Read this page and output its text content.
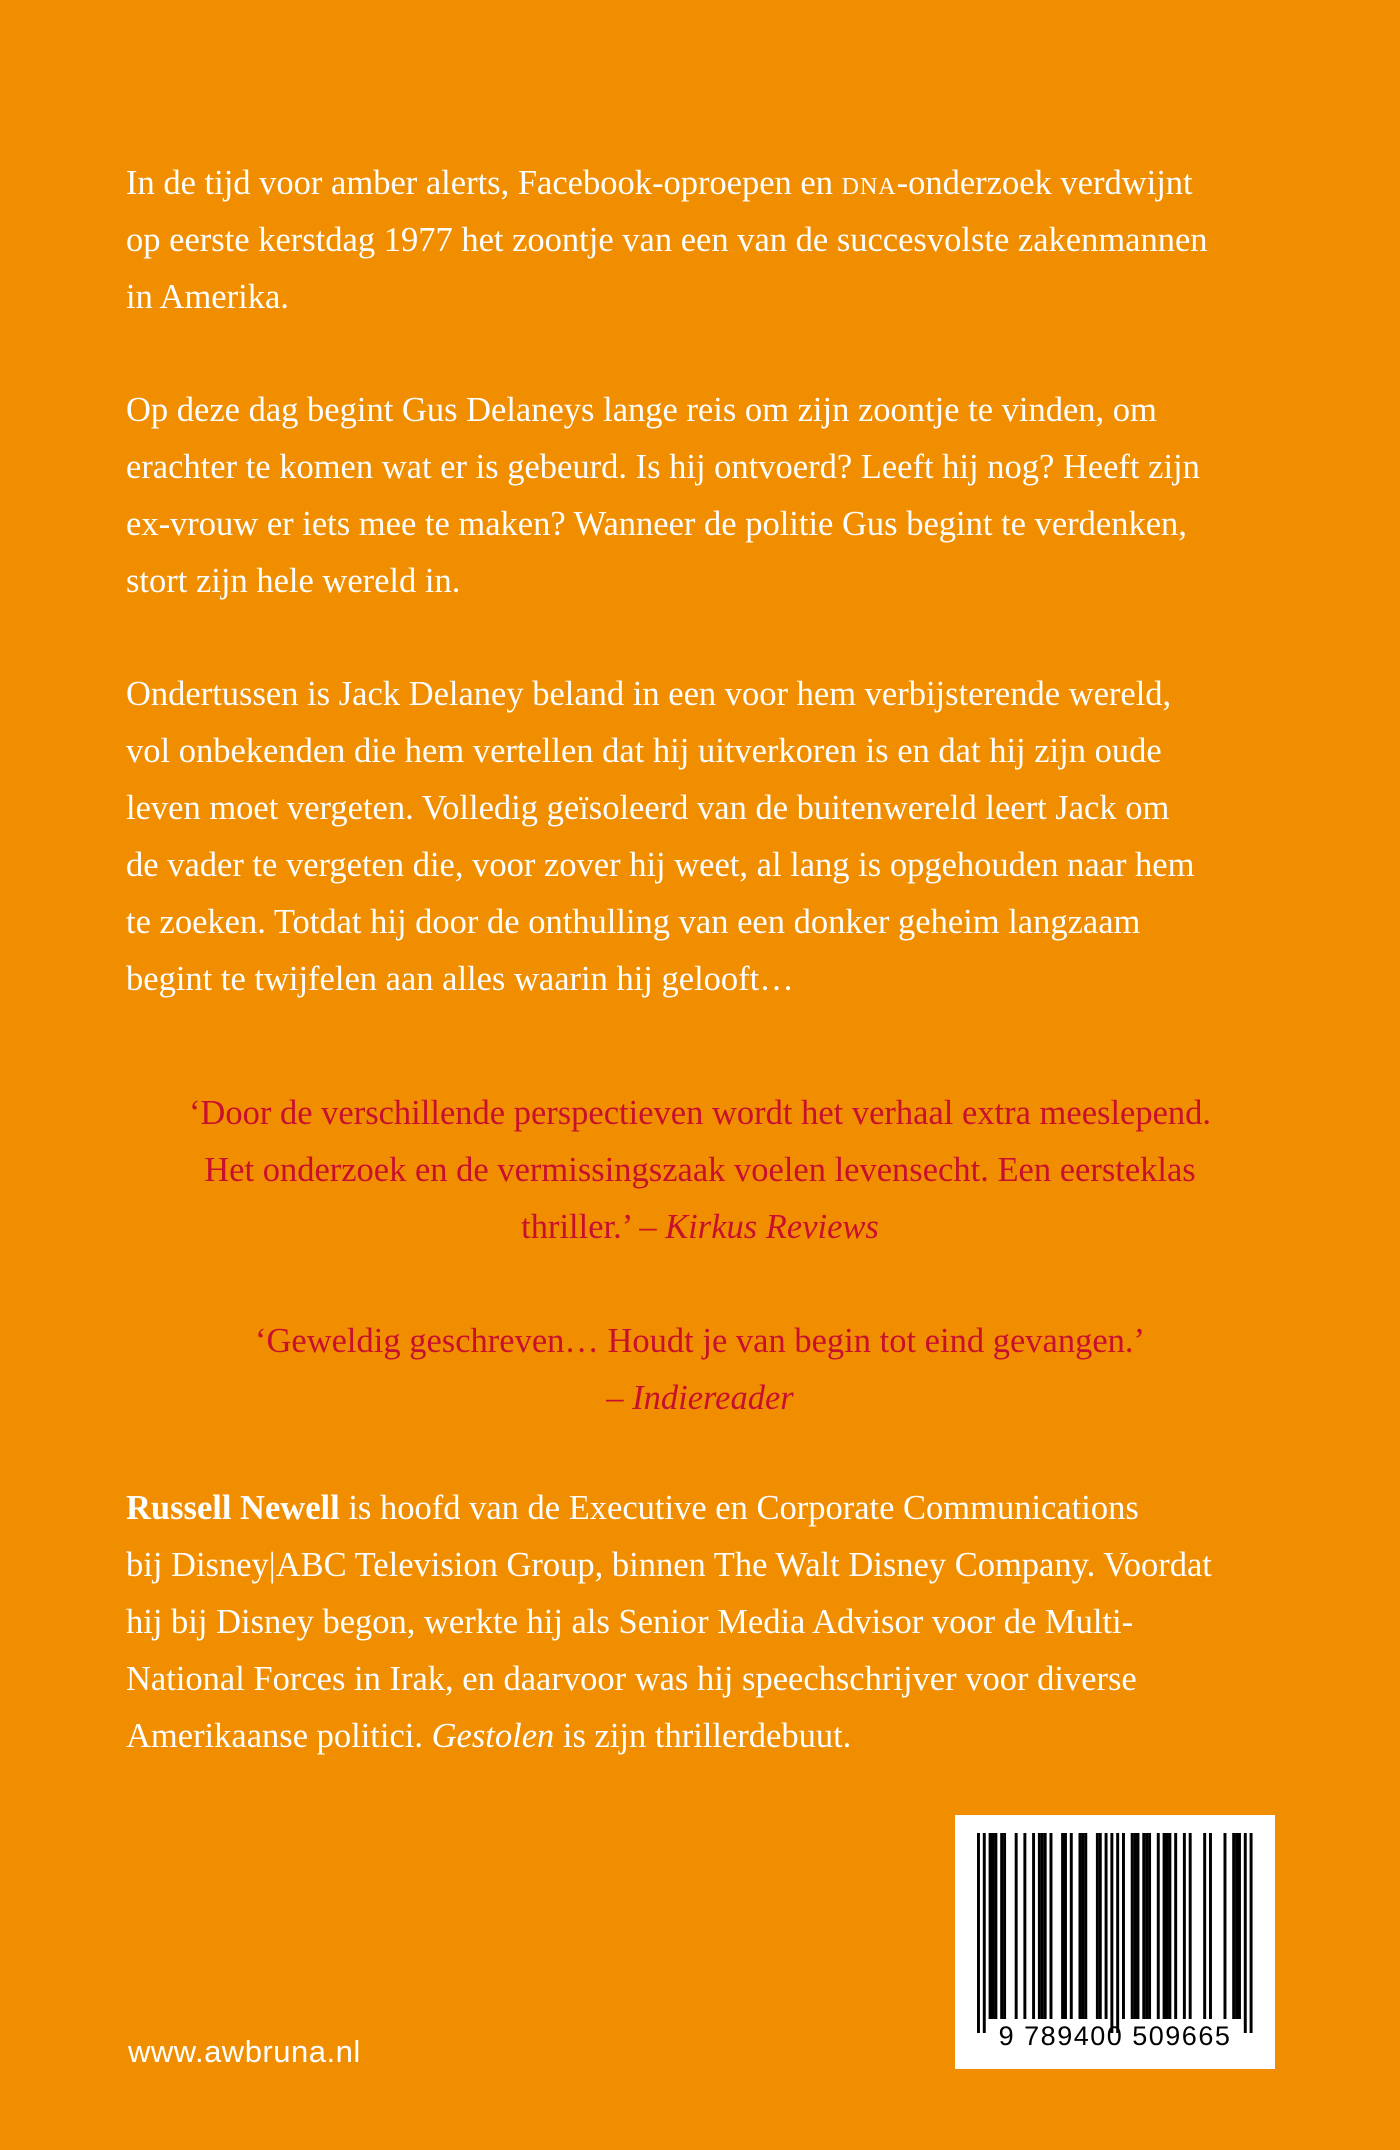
In de tijd voor amber alerts, Facebook-oproepen en dna-onderzoek verdwijnt
op eerste kerstdag 1977 het zoontje van een van de succesvolste zakenmannen
in Amerika.

Op deze dag begint Gus Delaneys lange reis om zijn zoontje te vinden, om
erachter te komen wat er is gebeurd. Is hij ontvoerd? Leeft hij nog? Heeft zijn
ex-vrouw er iets mee te maken? Wanneer de politie Gus begint te verdenken,
stort zijn hele wereld in.

Ondertussen is Jack Delaney beland in een voor hem verbijsterende wereld,
vol onbekenden die hem vertellen dat hij uitverkoren is en dat hij zijn oude
leven moet vergeten. Volledig geïsoleerd van de buitenwereld leert Jack om
de vader te vergeten die, voor zover hij weet, al lang is opgehouden naar hem
te zoeken. Totdat hij door de onthulling van een donker geheim langzaam
begint te twijfelen aan alles waarin hij gelooft…

‘Door de verschillende perspectieven wordt het verhaal extra meeslepend.
Het onderzoek en de vermissingszaak voelen levensecht. Een eersteklas
thriller.’ – Kirkus Reviews

‘Geweldig geschreven… Houdt je van begin tot eind gevangen.’
– Indiereader

Russell Newell is hoofd van de Executive en Corporate Communications
bij Disney|ABC Television Group, binnen The Walt Disney Company. Voordat
hij bij Disney begon, werkte hij als Senior Media Advisor voor de Multi-
National Forces in Irak, en daarvoor was hij speechschrijver voor diverse
Amerikaanse politici. Gestolen is zijn thrillerdebuut.

www.awbruna.nl	9 789400 509665
